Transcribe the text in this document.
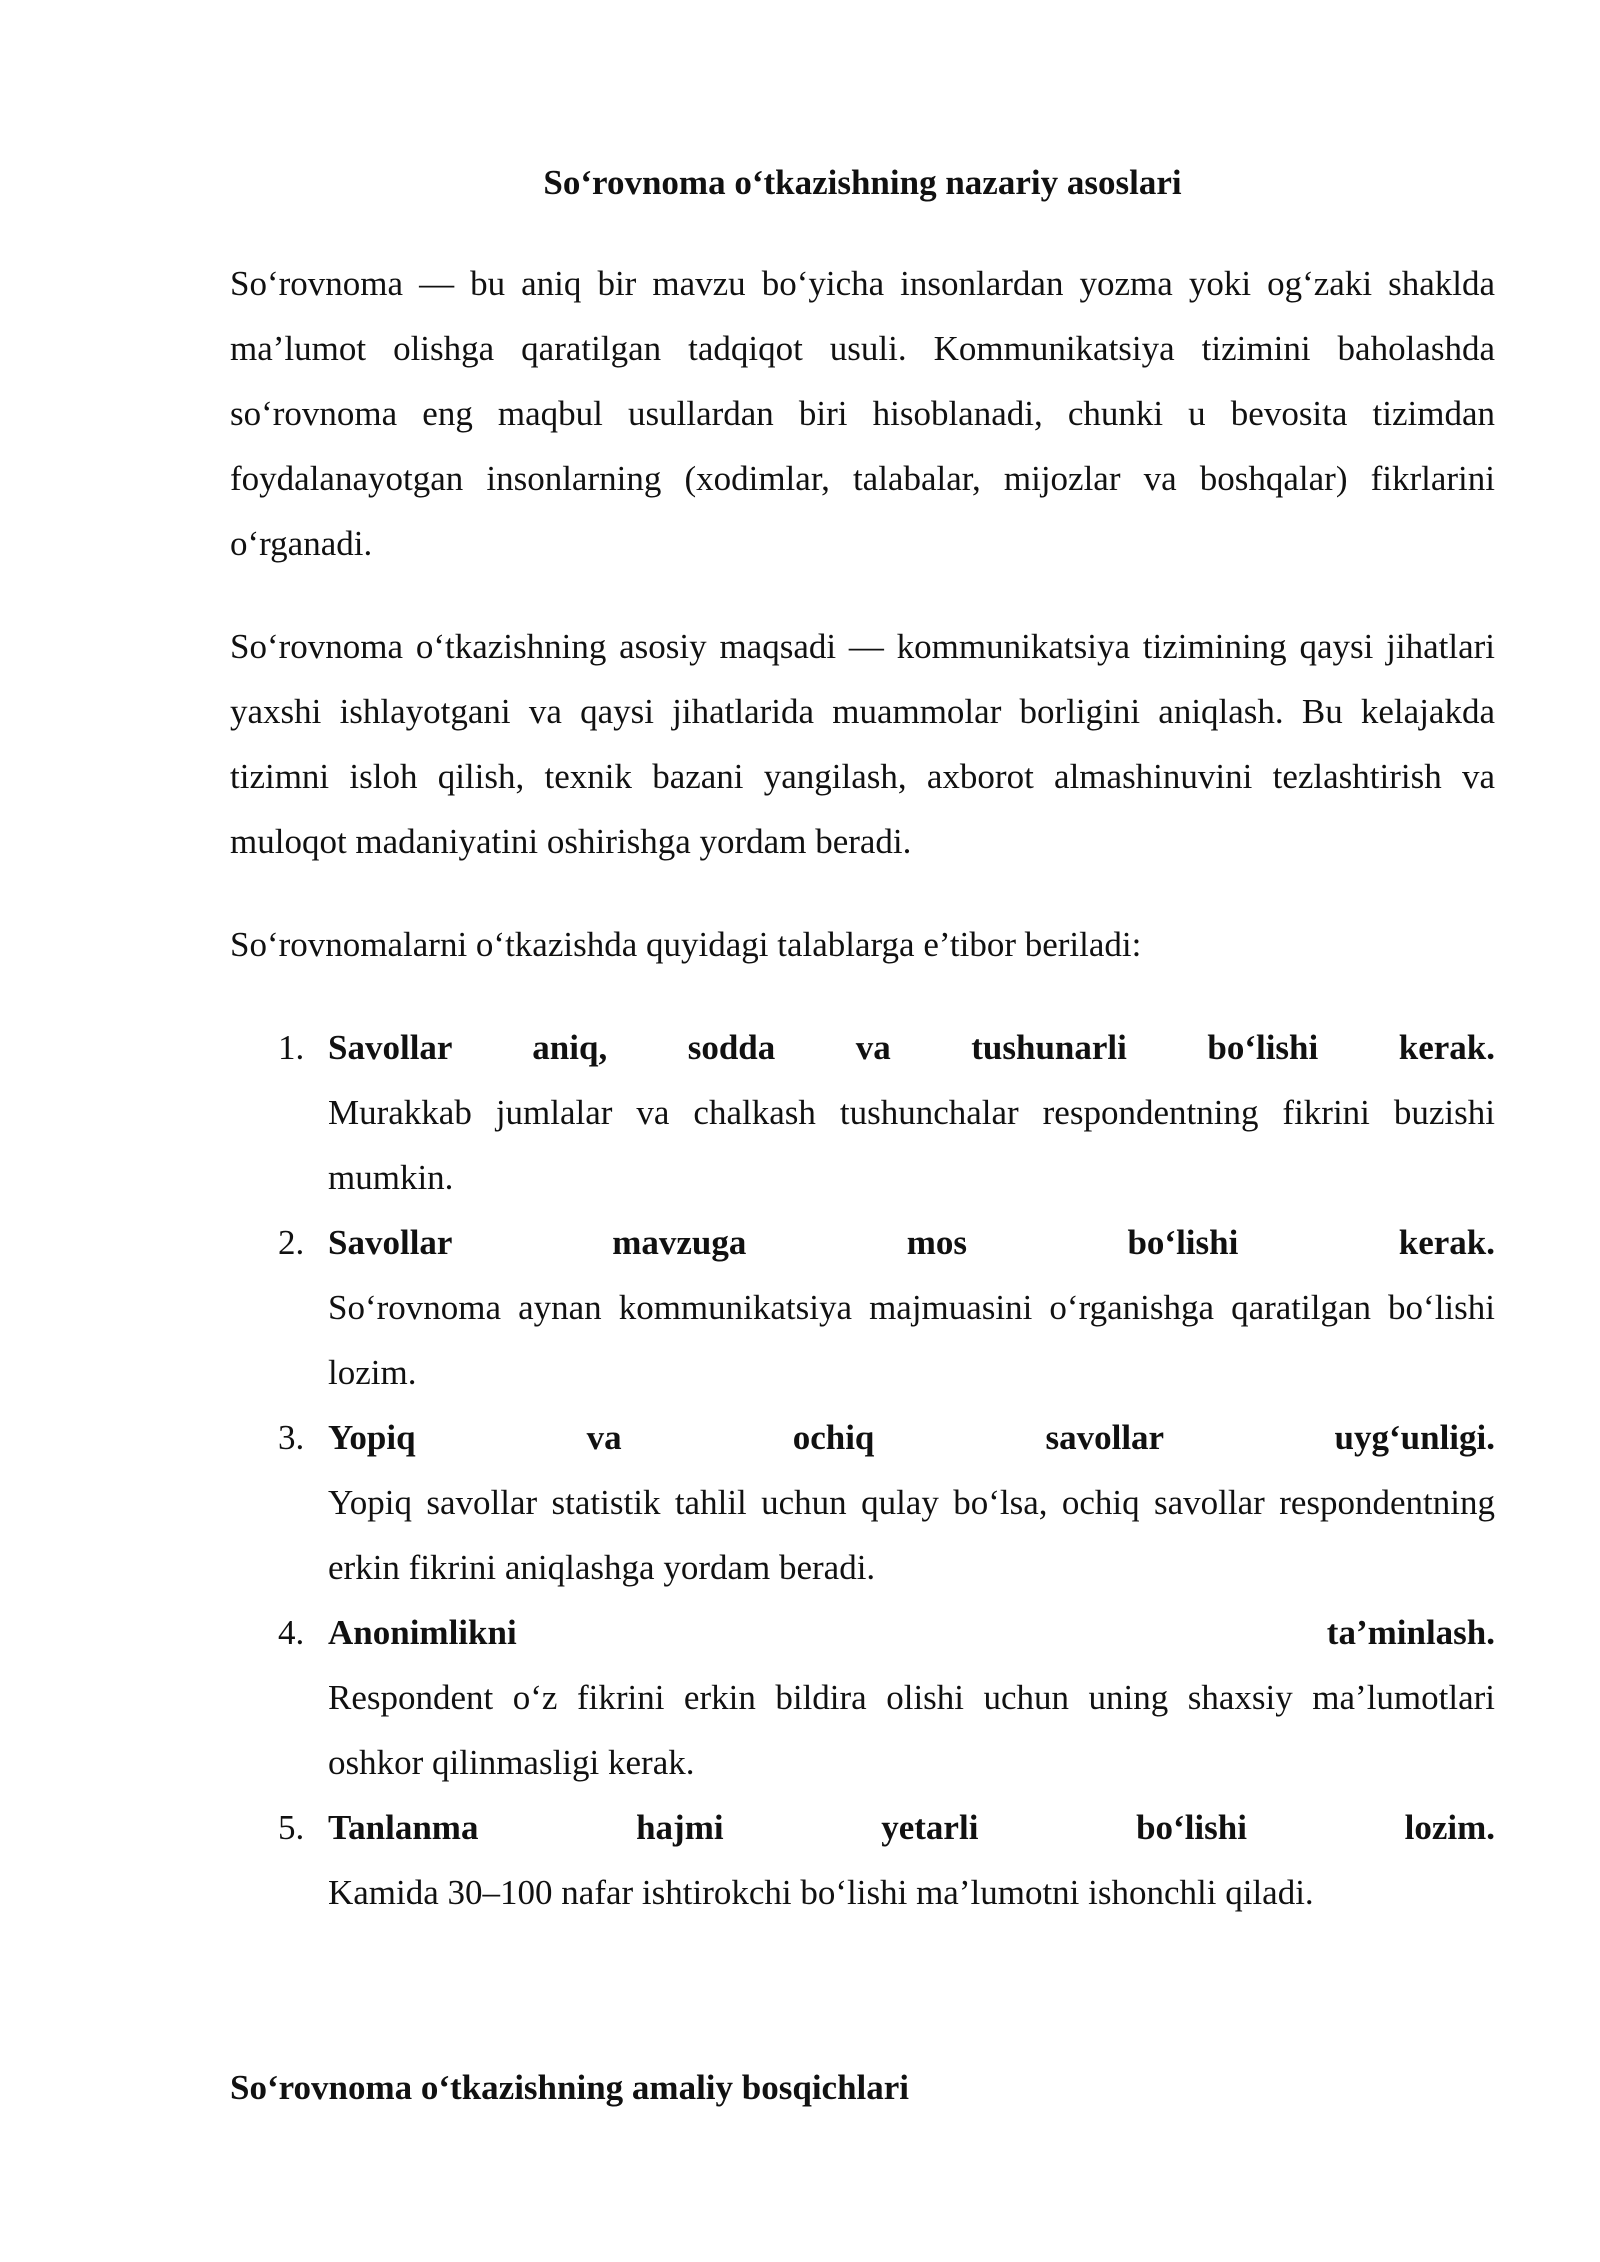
So‘rovnoma o‘tkazishning nazariy asoslari

So‘rovnoma — bu aniq bir mavzu bo‘yicha insonlardan yozma yoki og‘zaki shaklda ma’lumot olishga qaratilgan tadqiqot usuli. Kommunikatsiya tizimini baholashda so‘rovnoma eng maqbul usullardan biri hisoblanadi, chunki u bevosita tizimdan foydalanayotgan insonlarning (xodimlar, talabalar, mijozlar va boshqalar) fikrlarini o‘rganadi.

So‘rovnoma o‘tkazishning asosiy maqsadi — kommunikatsiya tizimining qaysi jihatlari yaxshi ishlayotgani va qaysi jihatlarida muammolar borligini aniqlash. Bu kelajakda tizimni isloh qilish, texnik bazani yangilash, axborot almashinuvini tezlashtirish va muloqot madaniyatini oshirishga yordam beradi.

So‘rovnomalarni o‘tkazishda quyidagi talablarga e’tibor beriladi:

1. Savollar aniq, sodda va tushunarli bo‘lishi kerak.
Murakkab jumlalar va chalkash tushunchalar respondentning fikrini buzishi mumkin.
2. Savollar mavzuga mos bo‘lishi kerak.
So‘rovnoma aynan kommunikatsiya majmuasini o‘rganishga qaratilgan bo‘lishi lozim.
3. Yopiq va ochiq savollar uyg‘unligi.
Yopiq savollar statistik tahlil uchun qulay bo‘lsa, ochiq savollar respondentning erkin fikrini aniqlashga yordam beradi.
4. Anonimlikni ta’minlash.
Respondent o‘z fikrini erkin bildira olishi uchun uning shaxsiy ma’lumotlari oshkor qilinmasligi kerak.
5. Tanlanma hajmi yetarli bo‘lishi lozim.
Kamida 30–100 nafar ishtirokchi bo‘lishi ma’lumotni ishonchli qiladi.
So‘rovnoma o‘tkazishning amaliy bosqichlari
